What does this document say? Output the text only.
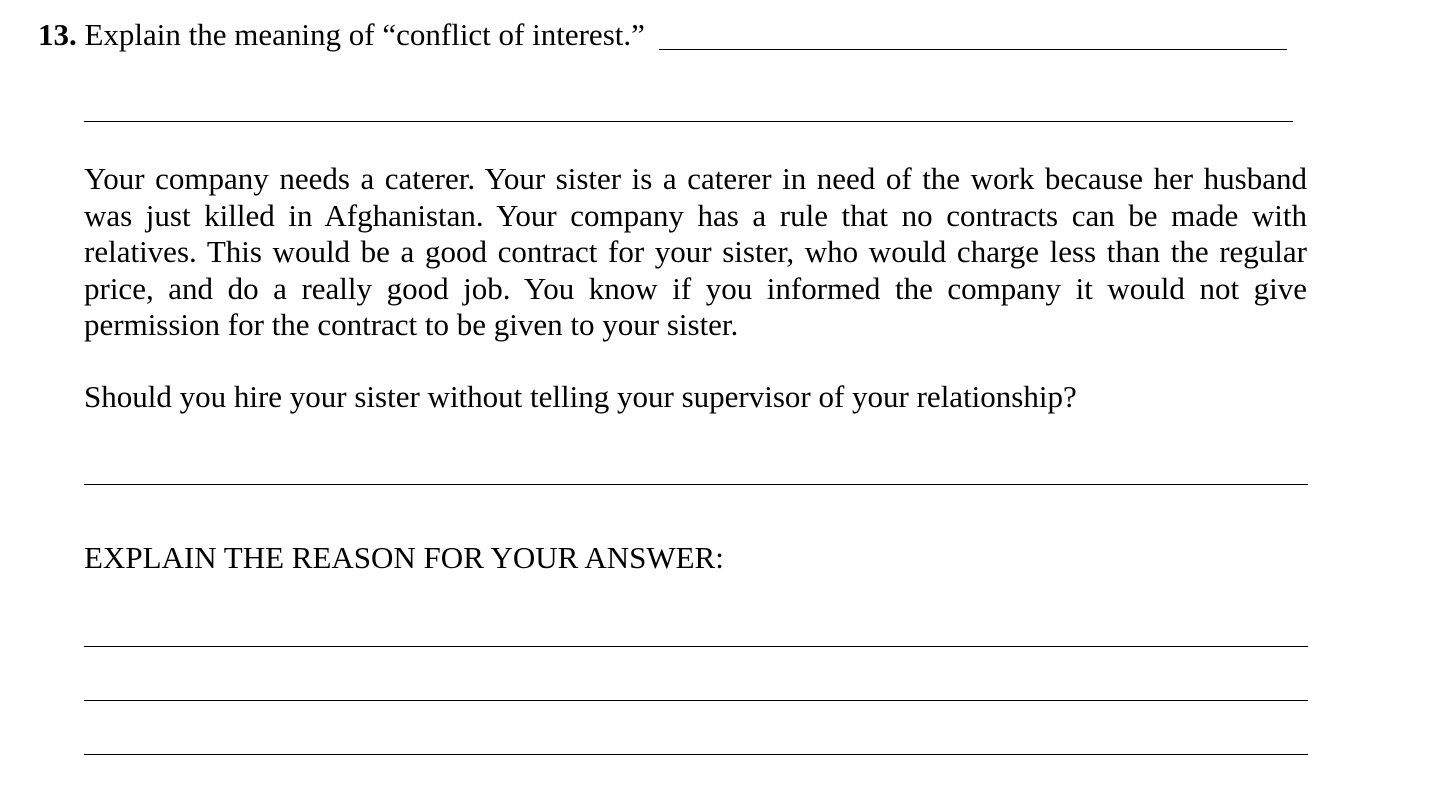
13. Explain the meaning of “conflict of interest.”

Your company needs a caterer. Your sister is a caterer in need of the work because her husband was just killed in Afghanistan. Your company has a rule that no contracts can be made with relatives. This would be a good contract for your sister, who would charge less than the regular price, and do a really good job. You know if you informed the company it would not give permission for the contract to be given to your sister.

Should you hire your sister without telling your supervisor of your relationship?

EXPLAIN THE REASON FOR YOUR ANSWER:
